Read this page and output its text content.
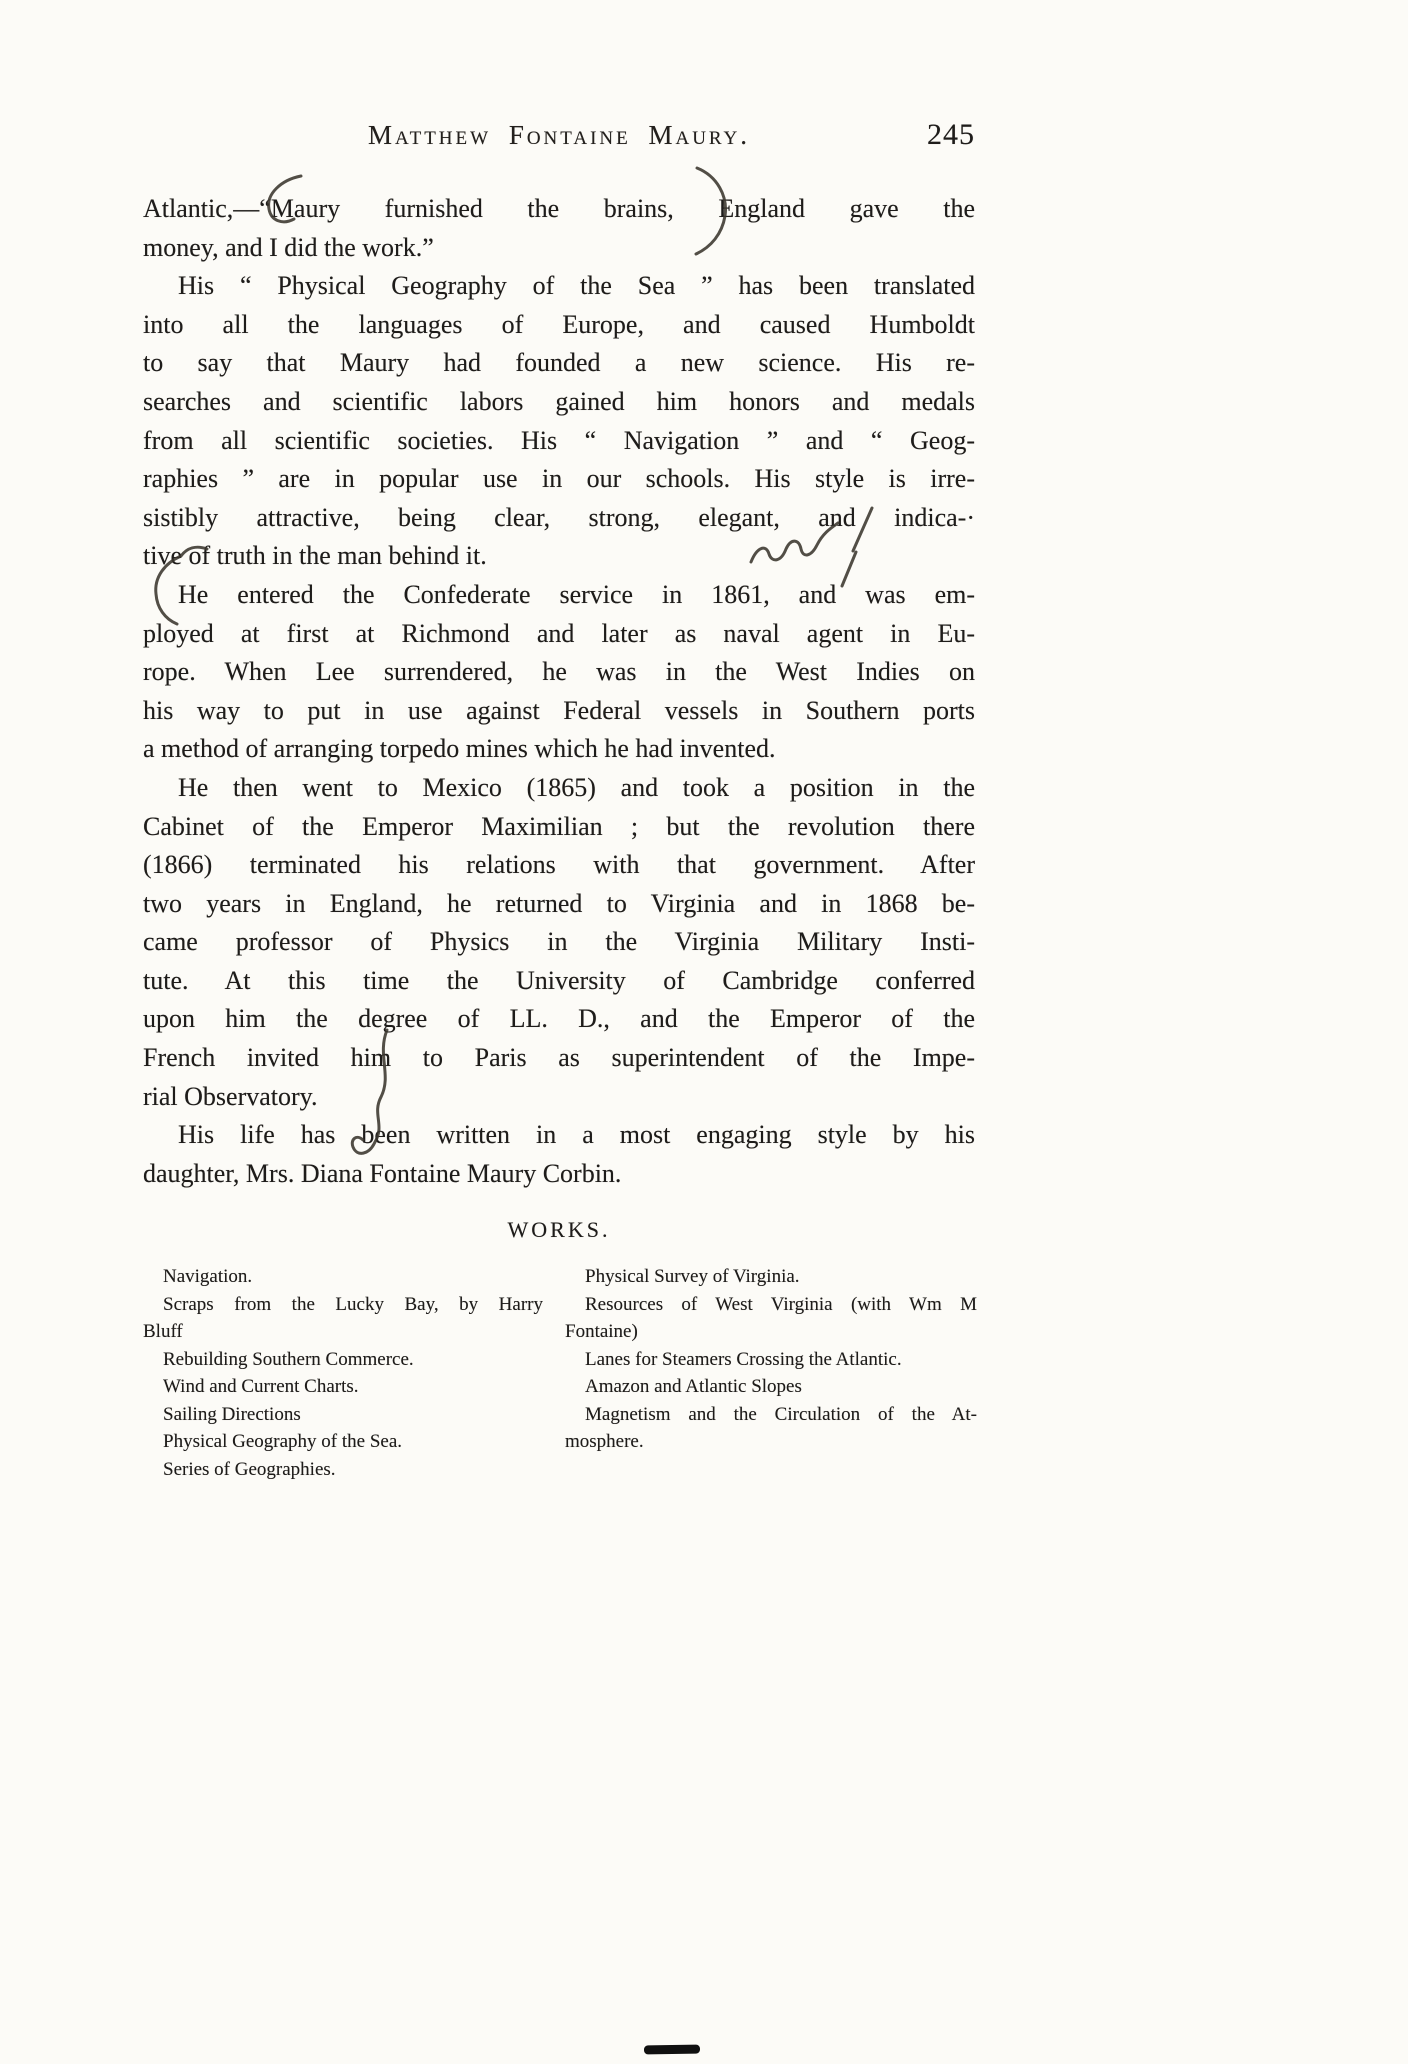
Matthew Fontaine Maury.	245
Atlantic,—“Maury furnished the brains, England gave the
money, and I did the work.”
His “ Physical Geography of the Sea ” has been translated
into all the languages of Europe, and caused Humboldt
to say that Maury had founded a new science. His re-
searches and scientific labors gained him honors and medals
from all scientific societies. His “ Navigation ” and “ Geog-
raphies ” are in popular use in our schools. His style is irre-
sistibly attractive, being clear, strong, elegant, and indica-·
tive of truth in the man behind it.
He entered the Confederate service in 1861, and was em-
ployed at first at Richmond and later as naval agent in Eu-
rope. When Lee surrendered, he was in the West Indies on
his way to put in use against Federal vessels in Southern ports
a method of arranging torpedo mines which he had invented.
He then went to Mexico (1865) and took a position in the
Cabinet of the Emperor Maximilian ; but the revolution there
(1866) terminated his relations with that government. After
two years in England, he returned to Virginia and in 1868 be-
came professor of Physics in the Virginia Military Insti-
tute. At this time the University of Cambridge conferred
upon him the degree of LL. D., and the Emperor of the
French invited him to Paris as superintendent of the Impe-
rial Observatory.
His life has been written in a most engaging style by his
daughter, Mrs. Diana Fontaine Maury Corbin.
WORKS.
Navigation.
Scraps from the Lucky Bay, by Harry
Bluff
Rebuilding Southern Commerce.
Wind and Current Charts.
Sailing Directions
Physical Geography of the Sea.
Series of Geographies.
Physical Survey of Virginia.
Resources of West Virginia (with Wm M
Fontaine)
Lanes for Steamers Crossing the Atlantic.
Amazon and Atlantic Slopes
Magnetism and the Circulation of the At-
mosphere.
